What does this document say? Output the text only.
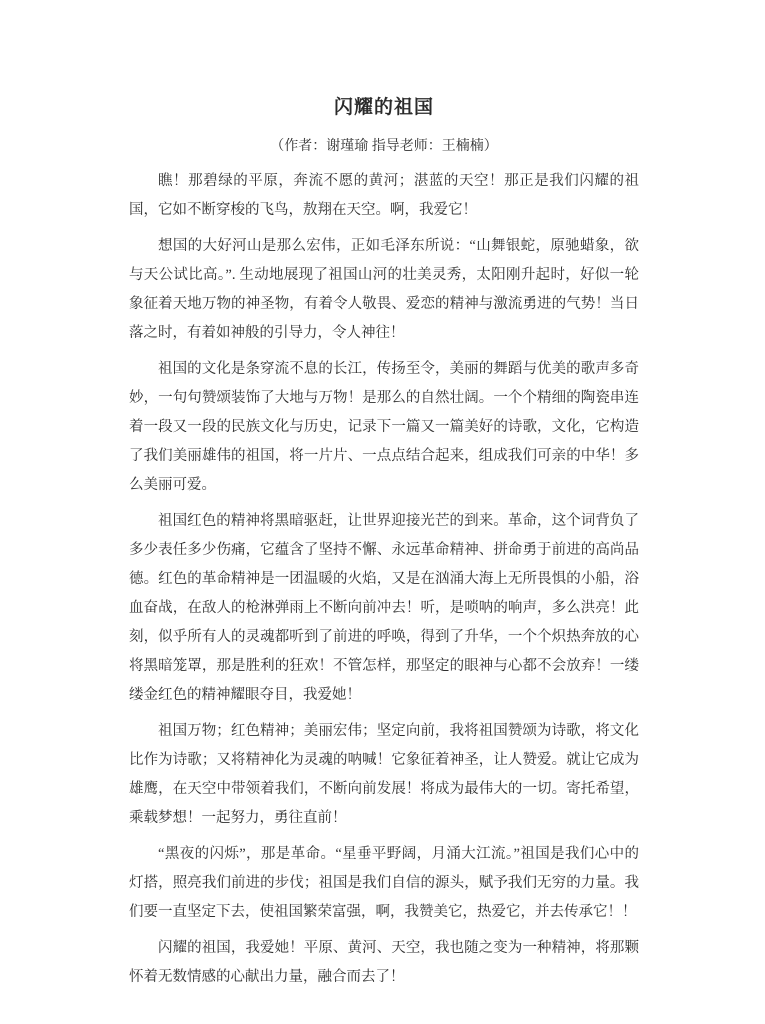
闪耀的祖国

（作者：谢瑾瑜 指导老师：王楠楠）

瞧！那碧绿的平原，奔流不愿的黄河；湛蓝的天空！那正是我们闪耀的祖国，它如不断穿梭的飞鸟，敖翔在天空。啊，我爱它！

想国的大好河山是那么宏伟，正如毛泽东所说：“山舞银蛇，原驰蜡象，欲与天公试比高。”. 生动地展现了祖国山河的壮美灵秀，太阳刚升起时，好似一轮象征着天地万物的神圣物，有着令人敬畏、爱恋的精神与激流勇进的气势！当日落之时，有着如神般的引导力，令人神往！

祖国的文化是条穿流不息的长江，传扬至令，美丽的舞蹈与优美的歌声多奇妙，一句句赞颂装饰了大地与万物！是那么的自然壮阔。一个个精细的陶瓷串连着一段又一段的民族文化与历史，记录下一篇又一篇美好的诗歌，文化，它构造了我们美丽雄伟的祖国，将一片片、一点点结合起来，组成我们可亲的中华！多么美丽可爱。

祖国红色的精神将黑暗驱赶，让世界迎接光芒的到来。革命，这个词背负了多少表任多少伤痛，它蕴含了坚持不懈、永远革命精神、拼命勇于前进的高尚品德。红色的革命精神是一团温暖的火焰，又是在汹涌大海上无所畏惧的小船，浴血奋战，在敌人的枪淋弹雨上不断向前冲去！听，是唢呐的响声，多么洪亮！此刻，似乎所有人的灵魂都听到了前进的呼唤，得到了升华，一个个炽热奔放的心将黑暗笼罩，那是胜利的狂欢！不管怎样，那坚定的眼神与心都不会放弃！一缕缕金红色的精神耀眼夺目，我爱她！

祖国万物；红色精神；美丽宏伟；坚定向前，我将祖国赞颂为诗歌，将文化比作为诗歌；又将精神化为灵魂的呐喊！它象征着神圣，让人赞爱。就让它成为雄鹰，在天空中带领着我们，不断向前发展！将成为最伟大的一切。寄托希望，乘载梦想！一起努力，勇往直前！

“黑夜的闪烁”，那是革命。“星垂平野阔，月涌大江流。”祖国是我们心中的灯搭，照亮我们前进的步伐；祖国是我们自信的源头，赋予我们无穷的力量。我们要一直坚定下去，使祖国繁荣富强，啊，我赞美它，热爱它，并去传承它！！

闪耀的祖国，我爱她！平原、黄河、天空，我也随之变为一种精神，将那颗怀着无数情感的心献出力量，融合而去了！
